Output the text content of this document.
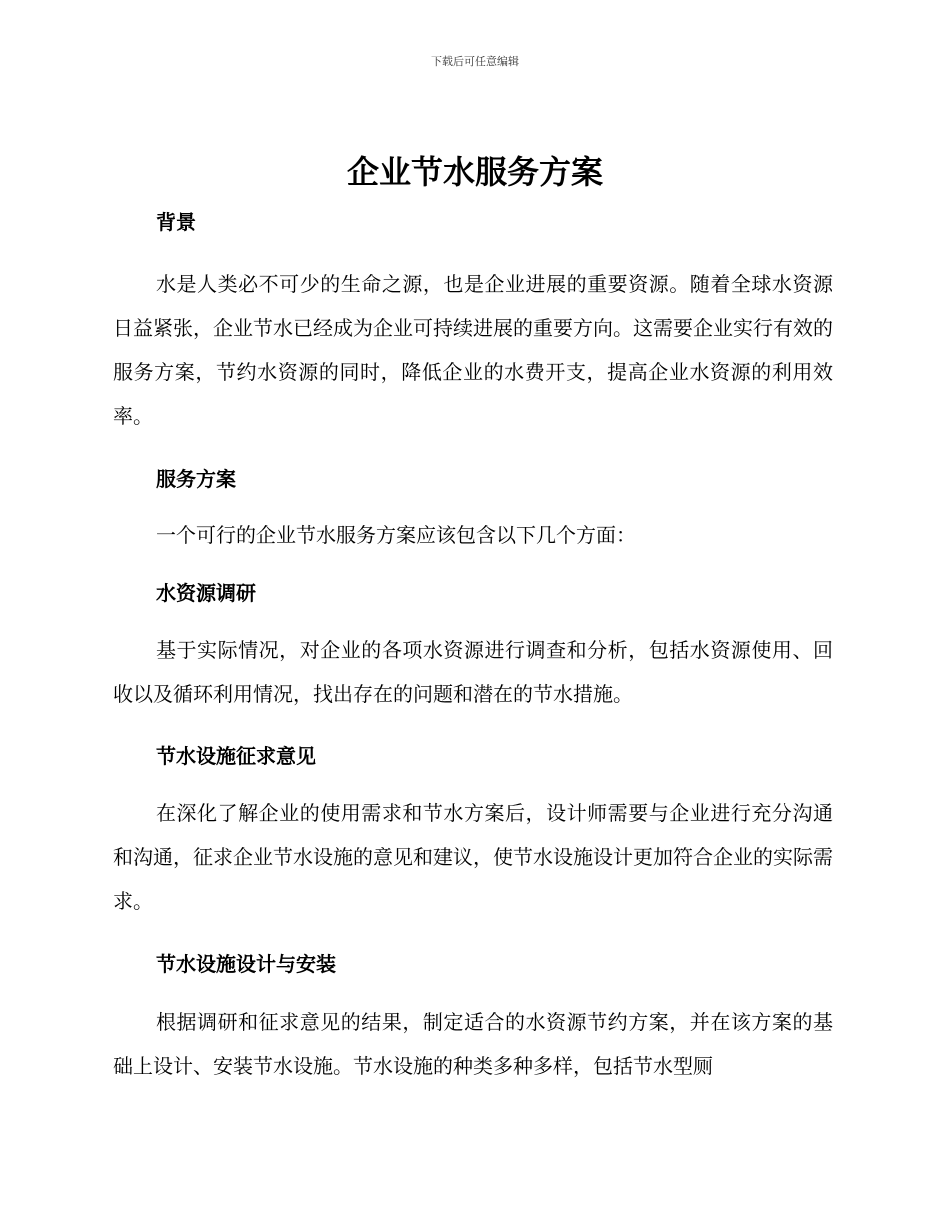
下载后可任意编辑
企业节水服务方案
背景

水是人类必不可少的生命之源，也是企业进展的重要资源。随着全球水资源日益紧张，企业节水已经成为企业可持续进展的重要方向。这需要企业实行有效的服务方案，节约水资源的同时，降低企业的水费开支，提高企业水资源的利用效率。

服务方案

一个可行的企业节水服务方案应该包含以下几个方面：

水资源调研

基于实际情况，对企业的各项水资源进行调查和分析，包括水资源使用、回收以及循环利用情况，找出存在的问题和潜在的节水措施。

节水设施征求意见

在深化了解企业的使用需求和节水方案后，设计师需要与企业进行充分沟通和沟通，征求企业节水设施的意见和建议，使节水设施设计更加符合企业的实际需求。

节水设施设计与安装

根据调研和征求意见的结果，制定适合的水资源节约方案，并在该方案的基础上设计、安装节水设施。节水设施的种类多种多样，包括节水型厕
